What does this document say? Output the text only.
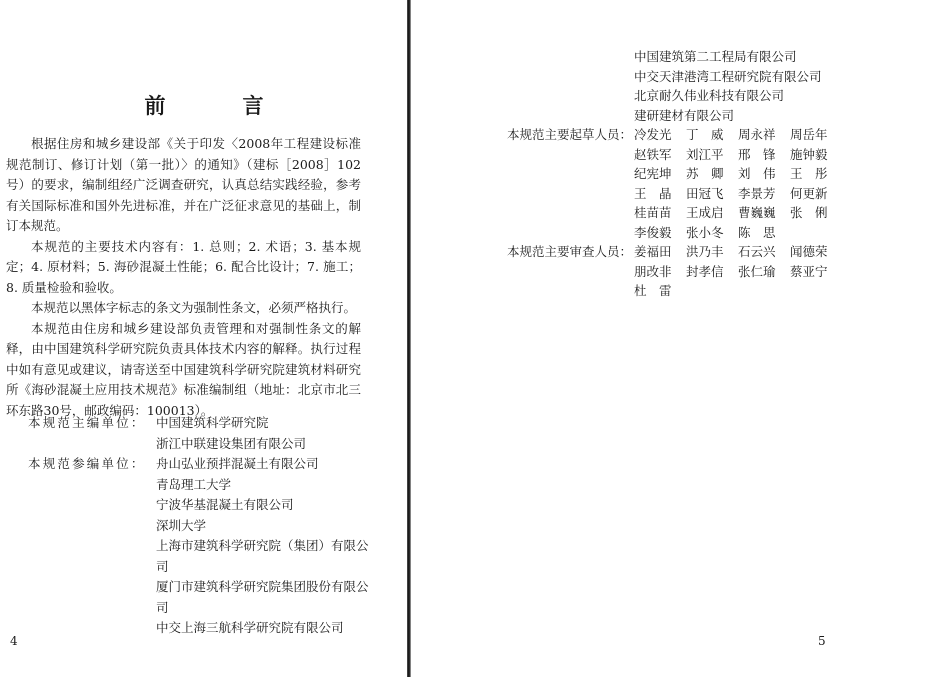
前　言

根据住房和城乡建设部《关于印发〈2008年工程建设标准规范制订、修订计划（第一批）〉的通知》（建标［2008］102号）的要求，编制组经广泛调查研究，认真总结实践经验，参考有关国际标准和国外先进标准，并在广泛征求意见的基础上，制订本规范。

本规范的主要技术内容有：1. 总则；2. 术语；3. 基本规定；4. 原材料；5. 海砂混凝土性能；6. 配合比设计；7. 施工；8. 质量检验和验收。

本规范以黑体字标志的条文为强制性条文，必须严格执行。

本规范由住房和城乡建设部负责管理和对强制性条文的解释，由中国建筑科学研究院负责具体技术内容的解释。执行过程中如有意见或建议，请寄送至中国建筑科学研究院建筑材料研究所《海砂混凝土应用技术规范》标准编制组（地址：北京市北三环东路30号，邮政编码：100013）。

本规范主编单位： 中国建筑科学研究院
浙江中联建设集团有限公司
本规范参编单位： 舟山弘业预拌混凝土有限公司
青岛理工大学
宁波华基混凝土有限公司
深圳大学
上海市建筑科学研究院（集团）有限公司
厦门市建筑科学研究院集团股份有限公司
中交上海三航科学研究院有限公司
4
中国建筑第二工程局有限公司
中交天津港湾工程研究院有限公司
北京耐久伟业科技有限公司
建研建材有限公司
本规范主要起草人员： 冷发光	丁　威	周永祥	周岳年
赵铁军	刘江平	邢　锋	施钟毅
纪宪坤	苏　卿	刘　伟	王　彤
王　晶	田冠飞	李景芳	何更新
桂苗苗	王成启	曹巍巍	张　俐
李俊毅	张小冬	陈　思
本规范主要审查人员： 姜福田	洪乃丰	石云兴	闻德荣
朋改非	封孝信	张仁瑜	蔡亚宁
杜　雷
5
